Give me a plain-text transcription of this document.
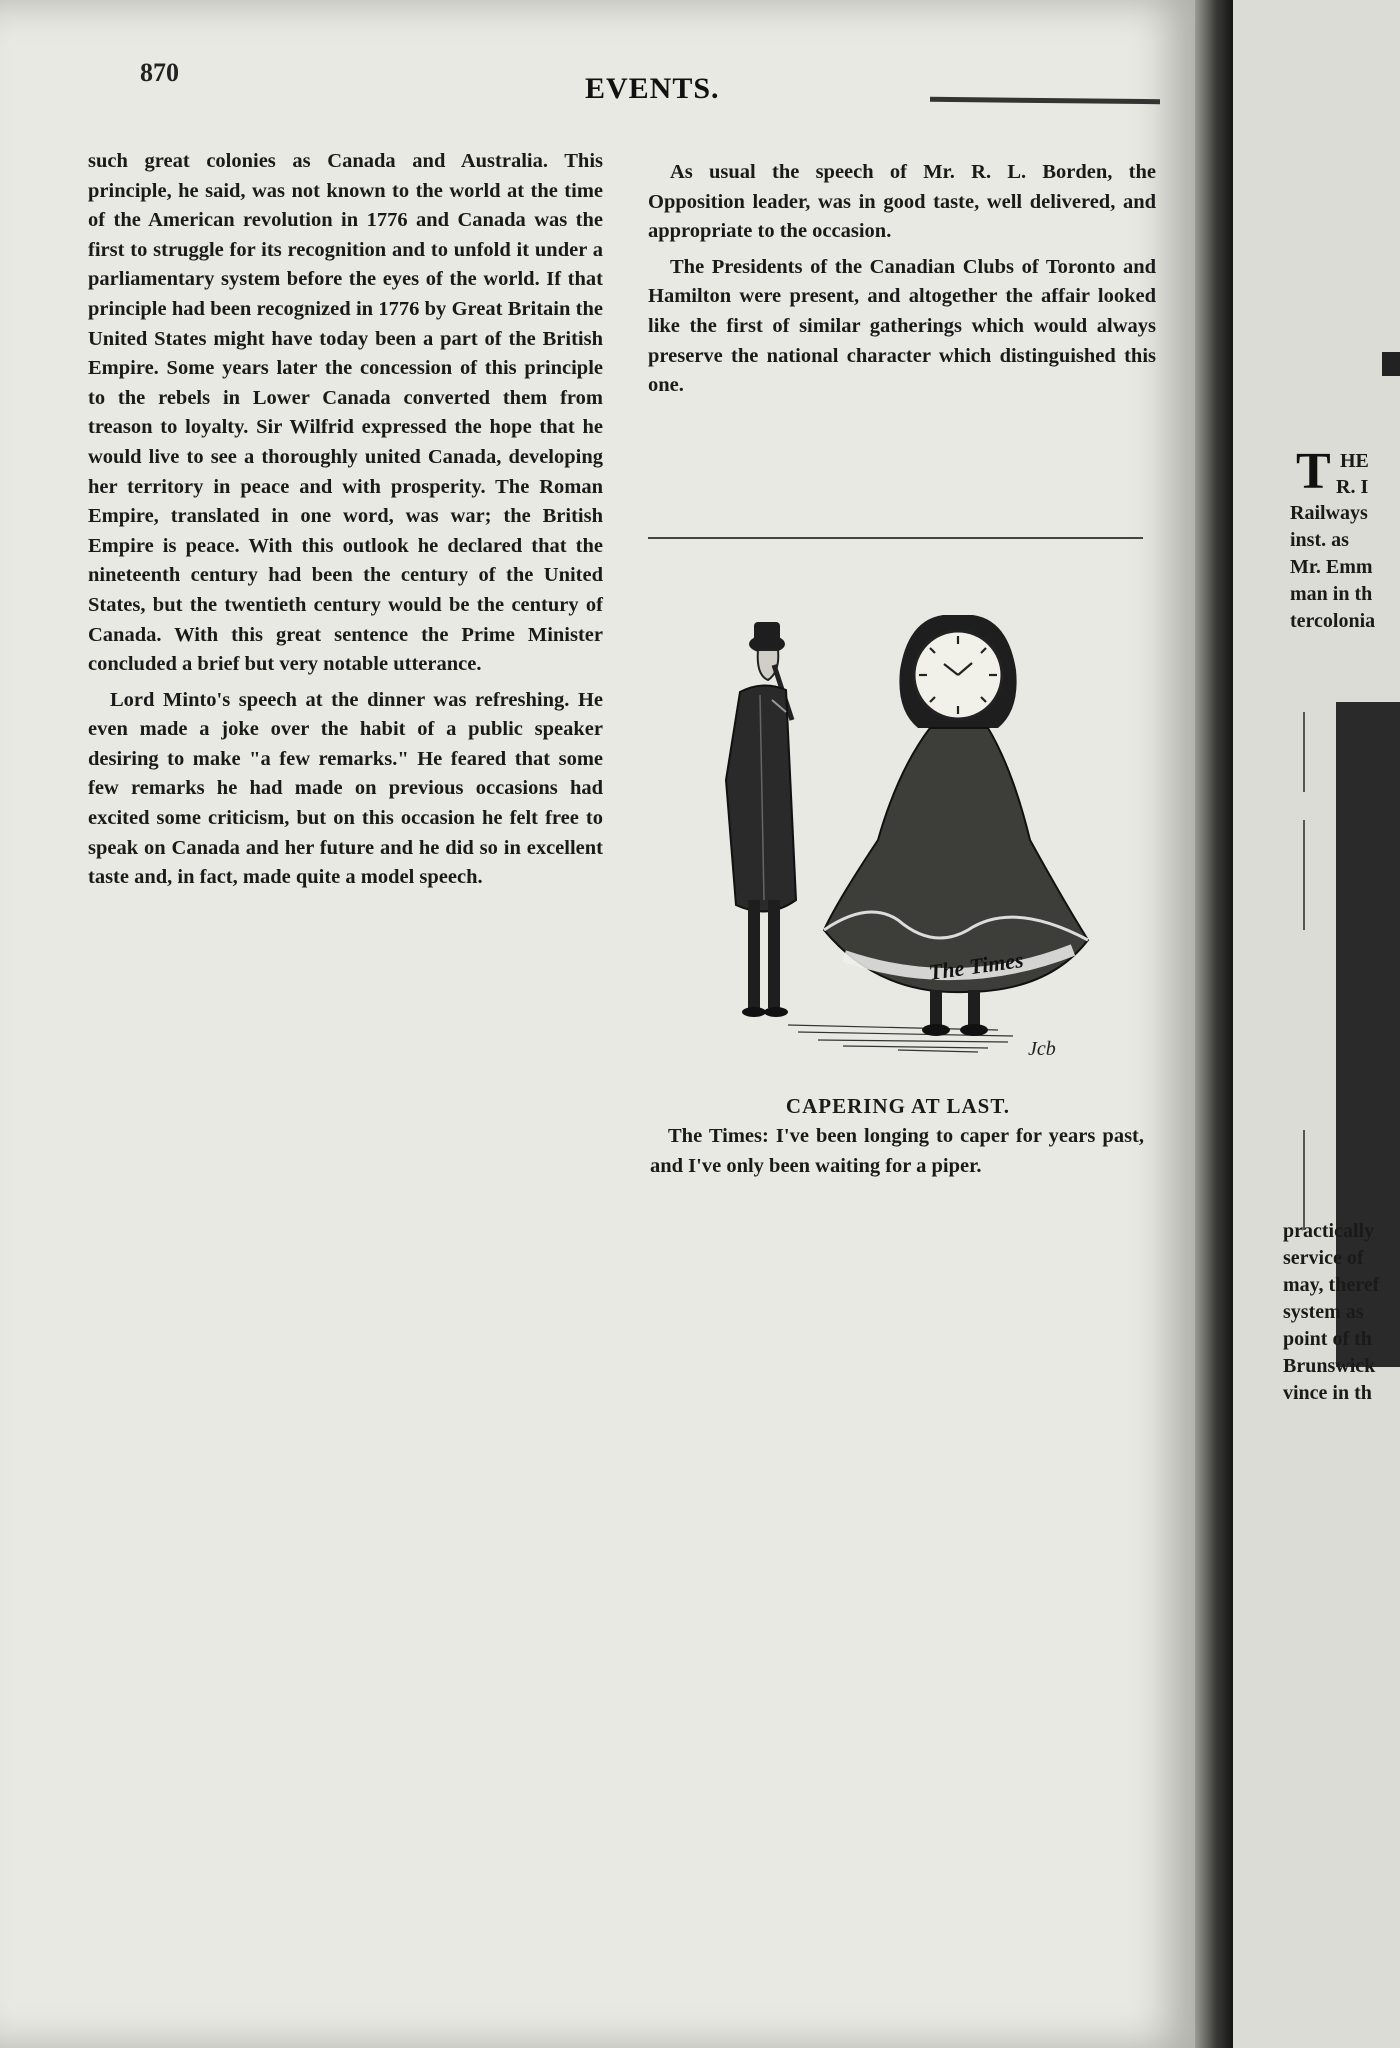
870	EVENTS.

such great colonies as Canada and Australia. This principle, he said, was not known to the world at the time of the American revolution in 1776 and Canada was the first to struggle for its recognition and to unfold it under a parliamentary system before the eyes of the world. If that principle had been recognized in 1776 by Great Britain the United States might have today been a part of the British Empire. Some years later the concession of this principle to the rebels in Lower Canada converted them from treason to loyalty. Sir Wilfrid expressed the hope that he would live to see a thoroughly united Canada, developing her territory in peace and with prosperity. The Roman Empire, translated in one word, was war; the British Empire is peace. With this outlook he declared that the nineteenth century had been the century of the United States, but the twentieth century would be the century of Canada. With this great sentence the Prime Minister concluded a brief but very notable utterance.

Lord Minto's speech at the dinner was refreshing. He even made a joke over the habit of a public speaker desiring to make "a few remarks." He feared that some few remarks he had made on previous occasions had excited some criticism, but on this occasion he felt free to speak on Canada and her future and he did so in excellent taste and, in fact, made quite a model speech.

As usual the speech of Mr. R. L. Borden, the Opposition leader, was in good taste, well delivered, and appropriate to the occasion.

The Presidents of the Canadian Clubs of Toronto and Hamilton were present, and altogether the affair looked like the first of similar gatherings which would always preserve the national character which distinguished this one.

The Times
Jcb
CAPERING AT LAST.

The Times: I've been longing to caper for years past, and I've only been waiting for a piper.

T HE
R. I
Railways
inst. as
Mr. Emm
man in th
tercolonia
practically
service of
may, theref
system as
point of th
Brunswick
vince in th
